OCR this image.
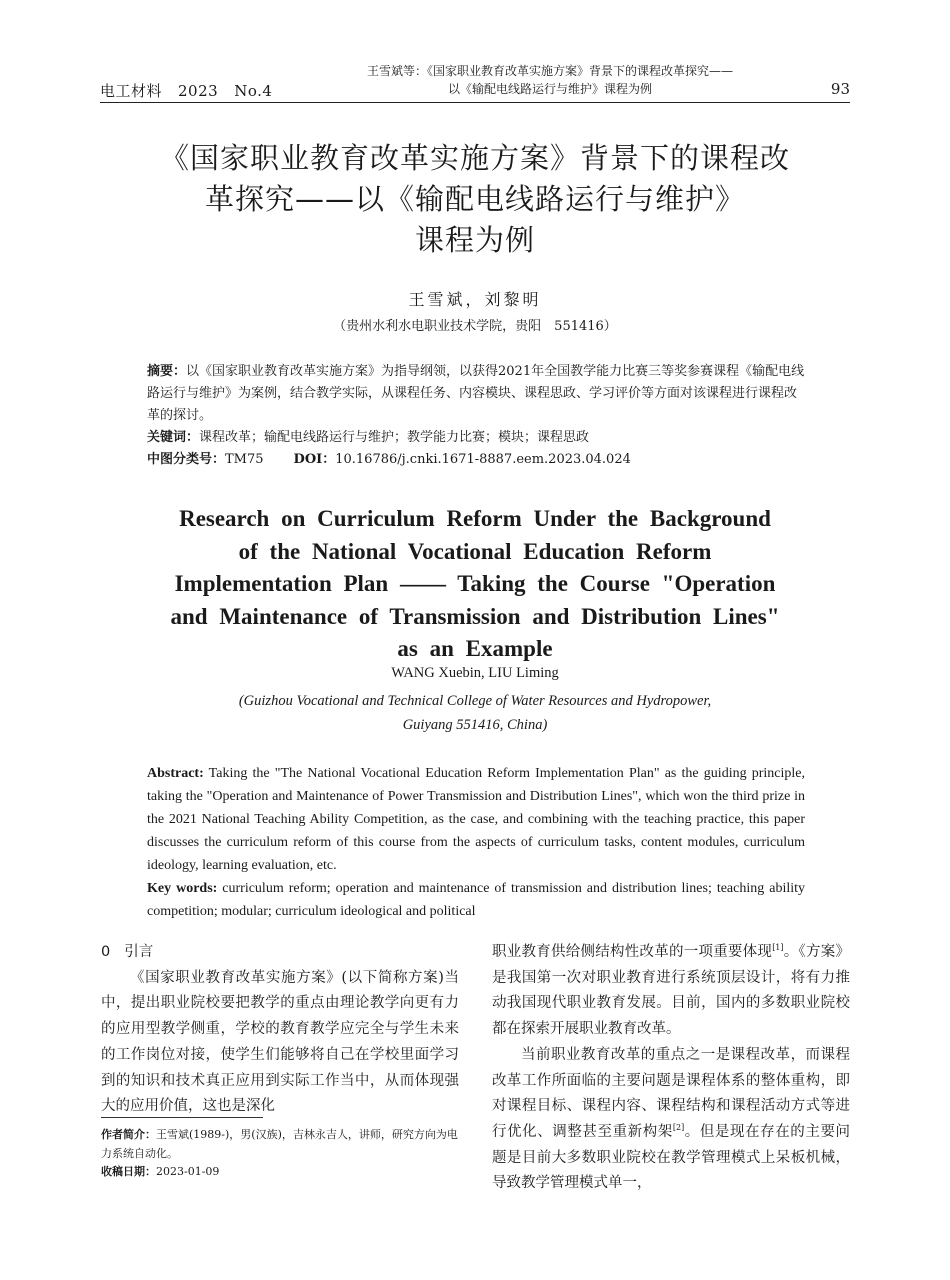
电工材料 2023 No.4
王雪斌等：《国家职业教育改革实施方案》背景下的课程改革探究——
以《输配电线路运行与维护》课程为例	93
《国家职业教育改革实施方案》背景下的课程改
革探究——以《输配电线路运行与维护》
课程为例
王雪斌，刘黎明
（贵州水利水电职业技术学院，贵阳　551416）

摘要：以《国家职业教育改革实施方案》为指导纲领，以获得2021年全国教学能力比赛三等奖参赛课程《输配电线路运行与维护》为案例，结合教学实际，从课程任务、内容模块、课程思政、学习评价等方面对该课程进行课程改革的探讨。

关键词：课程改革；输配电线路运行与维护；教学能力比赛；模块；课程思政

中图分类号：TM75 DOI：10.16786/j.cnki.1671-8887.eem.2023.04.024

Research on Curriculum Reform Under the Background
of the National Vocational Education Reform
Implementation Plan —— Taking the Course "Operation
and Maintenance of Transmission and Distribution Lines"
as an Example
WANG Xuebin, LIU Liming
(Guizhou Vocational and Technical College of Water Resources and Hydropower,
Guiyang 551416, China)

Abstract: Taking the "The National Vocational Education Reform Implementation Plan" as the guiding principle, taking the "Operation and Maintenance of Power Transmission and Distribution Lines", which won the third prize in the 2021 National Teaching Ability Competition, as the case, and combining with the teaching practice, this paper discusses the curriculum reform of this course from the aspects of curriculum tasks, content modules, curriculum ideology, learning evaluation, etc.

Key words: curriculum reform; operation and maintenance of transmission and distribution lines; teaching ability competition; modular; curriculum ideological and political

0 引言

《国家职业教育改革实施方案》(以下简称方案)当中，提出职业院校要把教学的重点由理论教学向更有力的应用型教学侧重，学校的教育教学应完全与学生未来的工作岗位对接，使学生们能够将自己在学校里面学习到的知识和技术真正应用到实际工作当中，从而体现强大的应用价值，这也是深化

职业教育供给侧结构性改革的一项重要体现[1]。《方案》是我国第一次对职业教育进行系统顶层设计，将有力推动我国现代职业教育发展。目前，国内的多数职业院校都在探索开展职业教育改革。

当前职业教育改革的重点之一是课程改革，而课程改革工作所面临的主要问题是课程体系的整体重构，即对课程目标、课程内容、课程结构和课程活动方式等进行优化、调整甚至重新构架[2]。但是现在存在的主要问题是目前大多数职业院校在教学管理模式上呆板机械，导致教学管理模式单一，

作者简介：王雪斌(1989-)，男(汉族)，吉林永吉人，讲师，研究方向为电力系统自动化。

收稿日期：2023-01-09
